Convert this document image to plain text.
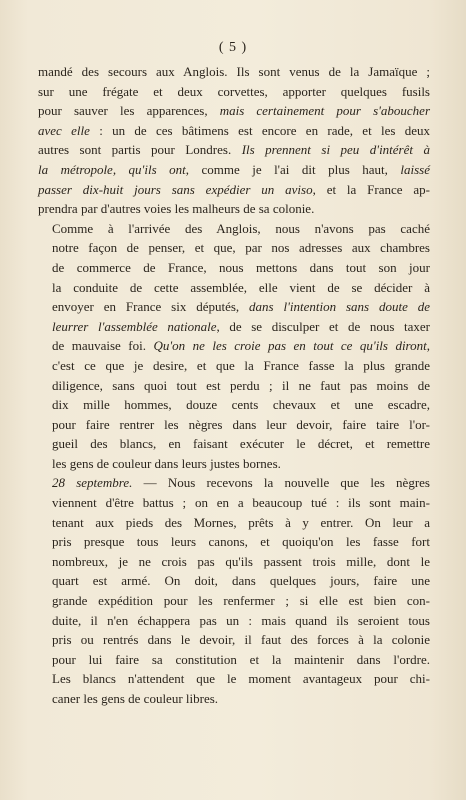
( 5 )

mandé des secours aux Anglois. Ils sont venus de la Jamaïque ;
sur une frégate et deux corvettes, apporter quelques fusils
pour sauver les apparences, mais certainement pour s'aboucher
avec elle : un de ces bâtimens est encore en rade, et les deux
autres sont partis pour Londres. Ils prennent si peu d'intérêt à
la métropole, qu'ils ont, comme je l'ai dit plus haut, laissé
passer dix-huit jours sans expédier un aviso, et la France ap-
prendra par d'autres voies les malheurs de sa colonie.

Comme à l'arrivée des Anglois, nous n'avons pas caché
notre façon de penser, et que, par nos adresses aux chambres
de commerce de France, nous mettons dans tout son jour
la conduite de cette assemblée, elle vient de se décider à
envoyer en France six députés, dans l'intention sans doute de
leurrer l'assemblée nationale, de se disculper et de nous taxer
de mauvaise foi. Qu'on ne les croie pas en tout ce qu'ils diront,
c'est ce que je desire, et que la France fasse la plus grande
diligence, sans quoi tout est perdu ; il ne faut pas moins de
dix mille hommes, douze cents chevaux et une escadre,
pour faire rentrer les nègres dans leur devoir, faire taire l'or-
gueil des blancs, en faisant exécuter le décret, et remettre
les gens de couleur dans leurs justes bornes.

28 septembre. — Nous recevons la nouvelle que les nègres
viennent d'être battus ; on en a beaucoup tué : ils sont main-
tenant aux pieds des Mornes, prêts à y entrer. On leur a
pris presque tous leurs canons, et quoiqu'on les fasse fort
nombreux, je ne crois pas qu'ils passent trois mille, dont le
quart est armé. On doit, dans quelques jours, faire une
grande expédition pour les renfermer ; si elle est bien con-
duite, il n'en échappera pas un : mais quand ils seroient tous
pris ou rentrés dans le devoir, il faut des forces à la colonie
pour lui faire sa constitution et la maintenir dans l'ordre.
Les blancs n'attendent que le moment avantageux pour chi-
caner les gens de couleur libres.
